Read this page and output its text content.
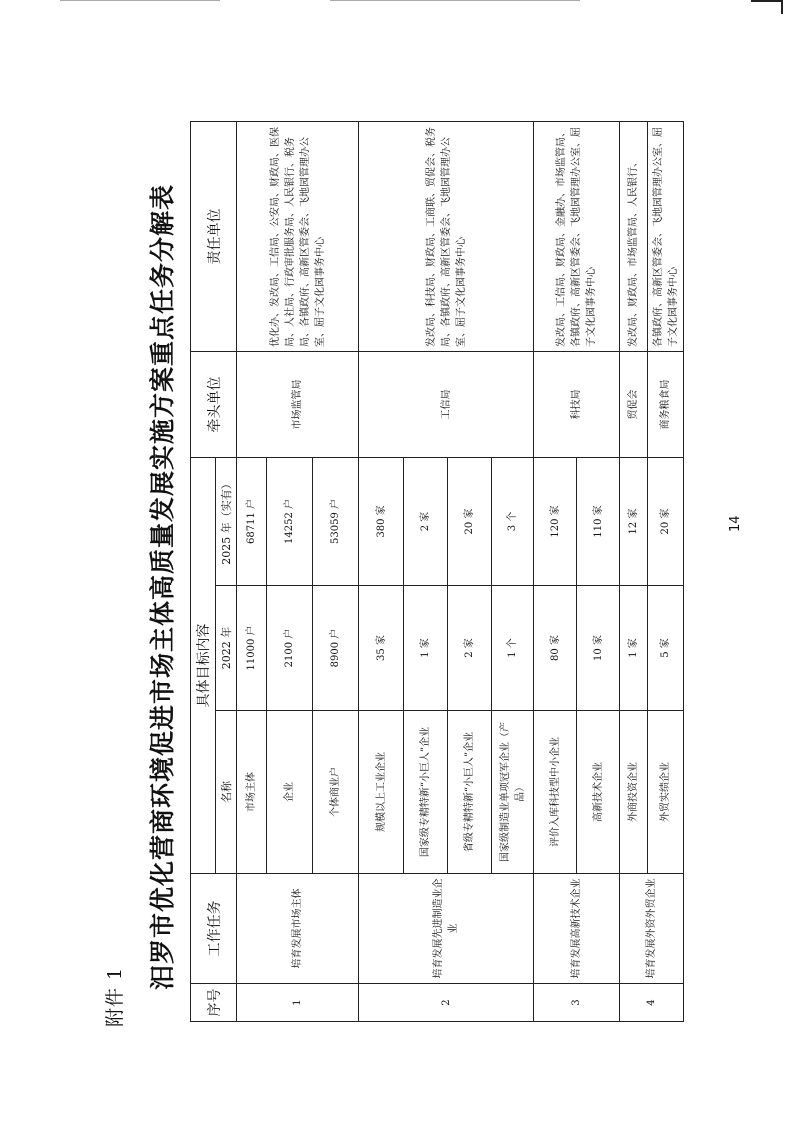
附件 1
汨罗市优化营商环境促进市场主体高质量发展实施方案重点任务分解表
序号	工作任务	具体目标内容			牵头单位	责任单位
		名称	2022 年	2025 年（实有）		
1	培育发展市场主体	市场主体	11000 户	68711 户	市场监管局	优化办、发改局、工信局、公安局、财政局、医保局、人社局、行政审批服务局、人民银行、税务局、各镇政府、高新区管委会、飞地园管理办公室、屈子文化园事务中心
		企业	2100 户	14252 户		
		个体商业户	8900 户	53059 户		
2	培育发展先进制造业企业	规模以上工业企业	35 家	380 家	工信局	发改局、科技局、财政局、工商联、贸促会、税务局、各镇政府、高新区管委会、飞地园管理办公室、屈子文化园事务中心
		国家级专精特新“小巨人”企业	1 家	2 家		
		省级专精特新“小巨人”企业	2 家	20 家		
		国家级制造业单项冠军企业（产品）	1 个	3 个		
3	培育发展高新技术企业	评价入库科技型中小企业	80 家	120 家	科技局	发改局、工信局、财政局、金融办、市场监管局、各镇政府、高新区管委会、飞地园管理办公室、屈子文化园事务中心
		高新技术企业	10 家	110 家		
4	培育发展外资外贸企业	外商投资企业	1 家	12 家	贸促会	发改局、财政局、市场监管局、人民银行、
		外贸实绩企业	5 家	20 家	商务粮食局	各镇政府、高新区管委会、飞地园管理办公室、屈子文化园事务中心
14
